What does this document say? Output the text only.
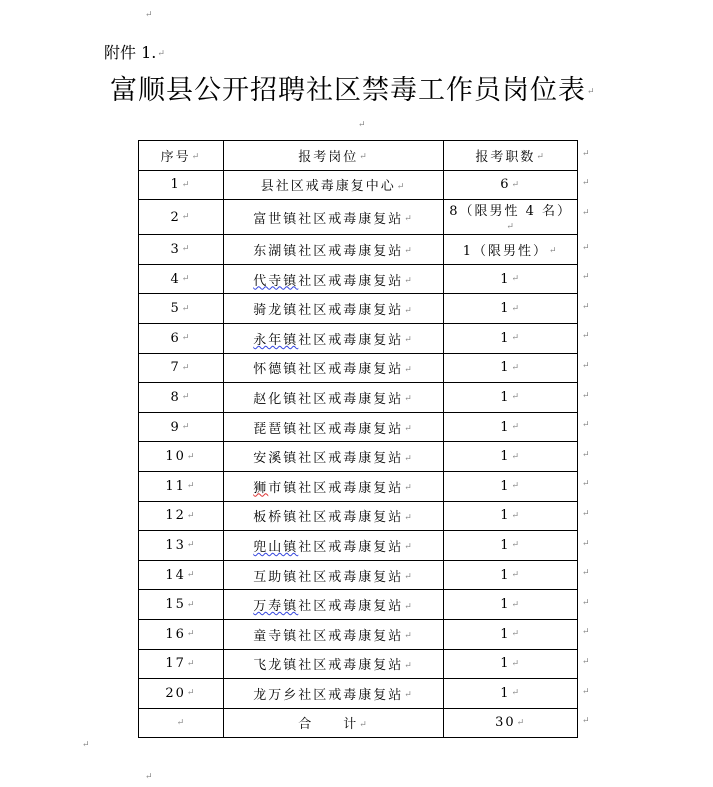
↵
附件 1. ↵
富顺县公开招聘社区禁毒工作员岗位表 ↵
↵
序号 ↵	报考岗位 ↵	报考职数 ↵
1 ↵	县社区戒毒康复中心 ↵	6 ↵
2 ↵	富世镇社区戒毒康复站 ↵	8（限男性 4 名） ↵
3 ↵	东湖镇社区戒毒康复站 ↵	1（限男性） ↵
4 ↵	代寺镇社区戒毒康复站 ↵	1 ↵
5 ↵	骑龙镇社区戒毒康复站 ↵	1 ↵
6 ↵	永年镇社区戒毒康复站 ↵	1 ↵
7 ↵	怀德镇社区戒毒康复站 ↵	1 ↵
8 ↵	赵化镇社区戒毒康复站 ↵	1 ↵
9 ↵	琵琶镇社区戒毒康复站 ↵	1 ↵
10 ↵	安溪镇社区戒毒康复站 ↵	1 ↵
11 ↵	狮市镇社区戒毒康复站 ↵	1 ↵
12 ↵	板桥镇社区戒毒康复站 ↵	1 ↵
13 ↵	兜山镇社区戒毒康复站 ↵	1 ↵
14 ↵	互助镇社区戒毒康复站 ↵	1 ↵
15 ↵	万寿镇社区戒毒康复站 ↵	1 ↵
16 ↵	童寺镇社区戒毒康复站 ↵	1 ↵
17 ↵	飞龙镇社区戒毒康复站 ↵	1 ↵
20 ↵	龙万乡社区戒毒康复站 ↵	1 ↵
↵	合　　计 ↵	30 ↵
↵
↵
↵
↵
↵
↵
↵
↵
↵
↵
↵
↵
↵
↵
↵
↵
↵
↵
↵
↵
↵
↵
